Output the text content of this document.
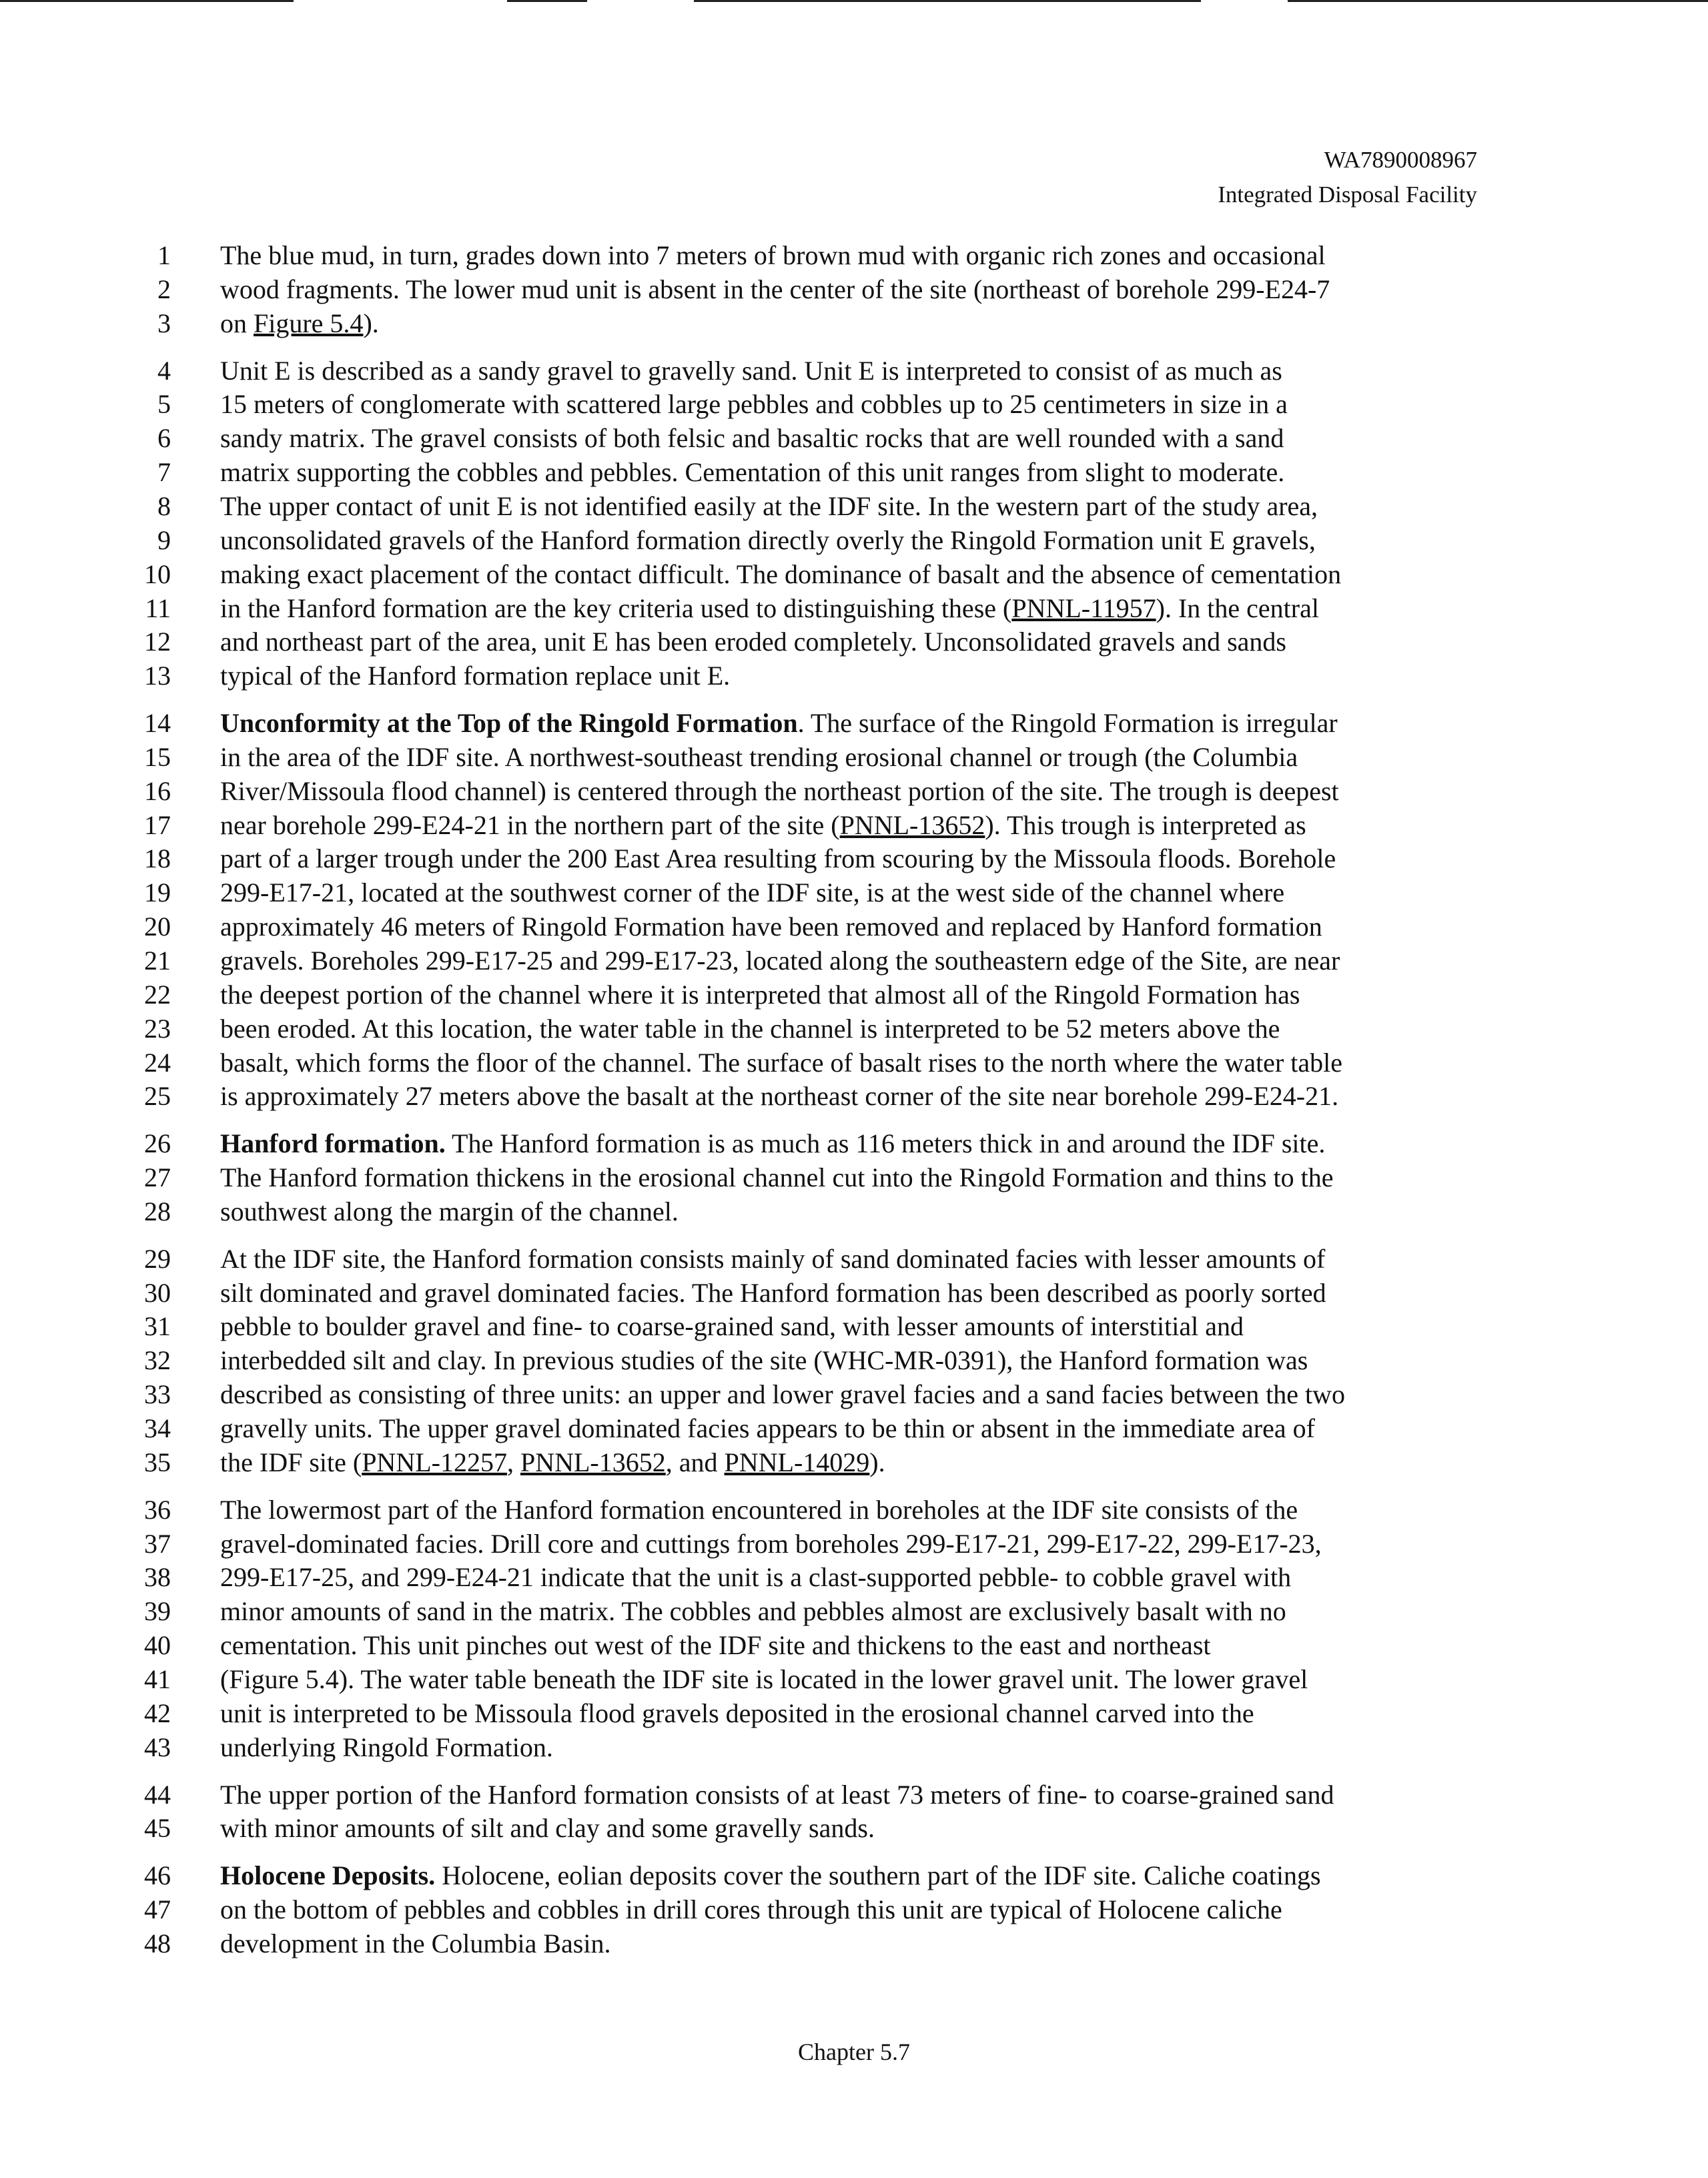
WA7890008967
Integrated Disposal Facility
1 The blue mud, in turn, grades down into 7 meters of brown mud with organic rich zones and occasional
2 wood fragments. The lower mud unit is absent in the center of the site (northeast of borehole 299-E24-7
3 on Figure 5.4).
4 Unit E is described as a sandy gravel to gravelly sand. Unit E is interpreted to consist of as much as
5 15 meters of conglomerate with scattered large pebbles and cobbles up to 25 centimeters in size in a
6 sandy matrix. The gravel consists of both felsic and basaltic rocks that are well rounded with a sand
7 matrix supporting the cobbles and pebbles. Cementation of this unit ranges from slight to moderate.
8 The upper contact of unit E is not identified easily at the IDF site. In the western part of the study area,
9 unconsolidated gravels of the Hanford formation directly overly the Ringold Formation unit E gravels,
10 making exact placement of the contact difficult. The dominance of basalt and the absence of cementation
11 in the Hanford formation are the key criteria used to distinguishing these (PNNL-11957). In the central
12 and northeast part of the area, unit E has been eroded completely. Unconsolidated gravels and sands
13 typical of the Hanford formation replace unit E.
14 Unconformity at the Top of the Ringold Formation. The surface of the Ringold Formation is irregular
15 in the area of the IDF site. A northwest-southeast trending erosional channel or trough (the Columbia
16 River/Missoula flood channel) is centered through the northeast portion of the site. The trough is deepest
17 near borehole 299-E24-21 in the northern part of the site (PNNL-13652). This trough is interpreted as
18 part of a larger trough under the 200 East Area resulting from scouring by the Missoula floods. Borehole
19 299-E17-21, located at the southwest corner of the IDF site, is at the west side of the channel where
20 approximately 46 meters of Ringold Formation have been removed and replaced by Hanford formation
21 gravels. Boreholes 299-E17-25 and 299-E17-23, located along the southeastern edge of the Site, are near
22 the deepest portion of the channel where it is interpreted that almost all of the Ringold Formation has
23 been eroded. At this location, the water table in the channel is interpreted to be 52 meters above the
24 basalt, which forms the floor of the channel. The surface of basalt rises to the north where the water table
25 is approximately 27 meters above the basalt at the northeast corner of the site near borehole 299-E24-21.
26 Hanford formation. The Hanford formation is as much as 116 meters thick in and around the IDF site.
27 The Hanford formation thickens in the erosional channel cut into the Ringold Formation and thins to the
28 southwest along the margin of the channel.
29 At the IDF site, the Hanford formation consists mainly of sand dominated facies with lesser amounts of
30 silt dominated and gravel dominated facies. The Hanford formation has been described as poorly sorted
31 pebble to boulder gravel and fine- to coarse-grained sand, with lesser amounts of interstitial and
32 interbedded silt and clay. In previous studies of the site (WHC-MR-0391), the Hanford formation was
33 described as consisting of three units: an upper and lower gravel facies and a sand facies between the two
34 gravelly units. The upper gravel dominated facies appears to be thin or absent in the immediate area of
35 the IDF site (PNNL-12257, PNNL-13652, and PNNL-14029).
36 The lowermost part of the Hanford formation encountered in boreholes at the IDF site consists of the
37 gravel-dominated facies. Drill core and cuttings from boreholes 299-E17-21, 299-E17-22, 299-E17-23,
38 299-E17-25, and 299-E24-21 indicate that the unit is a clast-supported pebble- to cobble gravel with
39 minor amounts of sand in the matrix. The cobbles and pebbles almost are exclusively basalt with no
40 cementation. This unit pinches out west of the IDF site and thickens to the east and northeast
41 (Figure 5.4). The water table beneath the IDF site is located in the lower gravel unit. The lower gravel
42 unit is interpreted to be Missoula flood gravels deposited in the erosional channel carved into the
43 underlying Ringold Formation.
44 The upper portion of the Hanford formation consists of at least 73 meters of fine- to coarse-grained sand
45 with minor amounts of silt and clay and some gravelly sands.
46 Holocene Deposits. Holocene, eolian deposits cover the southern part of the IDF site. Caliche coatings
47 on the bottom of pebbles and cobbles in drill cores through this unit are typical of Holocene caliche
48 development in the Columbia Basin.
Chapter 5.7
